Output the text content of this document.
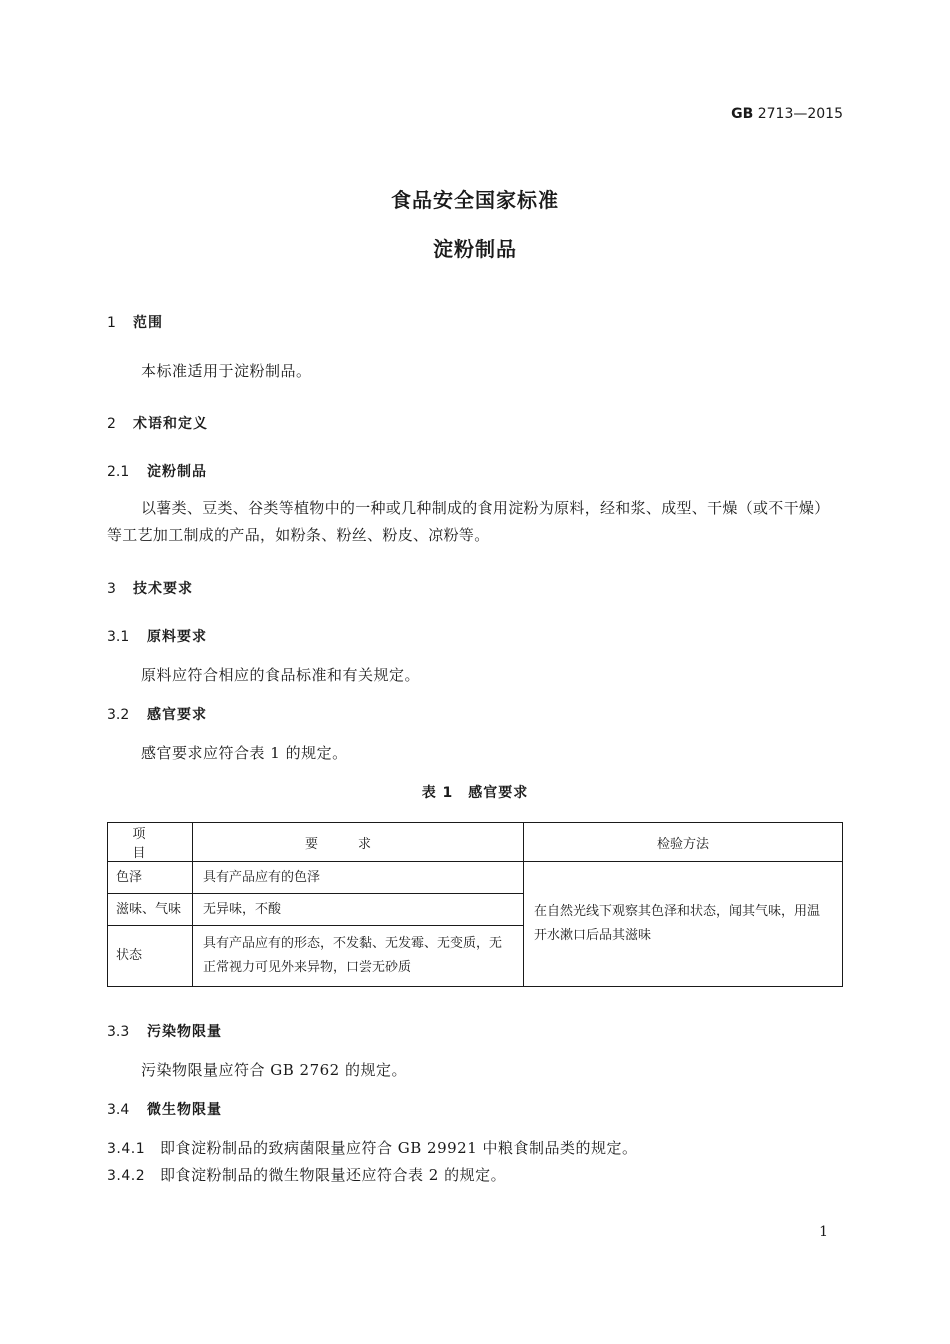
GB 2713—2015
食品安全国家标准
淀粉制品
1 范围
本标准适用于淀粉制品。
2 术语和定义
2.1 淀粉制品
以薯类、豆类、谷类等植物中的一种或几种制成的食用淀粉为原料，经和浆、成型、干燥（或不干燥）等工艺加工制成的产品，如粉条、粉丝、粉皮、凉粉等。
3 技术要求
3.1 原料要求
原料应符合相应的食品标准和有关规定。
3.2 感官要求
感官要求应符合表 1 的规定。
表 1　感官要求
项目	要求	检验方法
色泽	具有产品应有的色泽	在自然光线下观察其色泽和状态，闻其气味，用温开水漱口后品其滋味
滋味、气味	无异味，不酸	
状态	具有产品应有的形态，不发黏、无发霉、无变质，无正常视力可见外来异物，口尝无砂质	
3.3 污染物限量
污染物限量应符合 GB 2762 的规定。
3.4 微生物限量
3.4.1 即食淀粉制品的致病菌限量应符合 GB 29921 中粮食制品类的规定。
3.4.2 即食淀粉制品的微生物限量还应符合表 2 的规定。
1
